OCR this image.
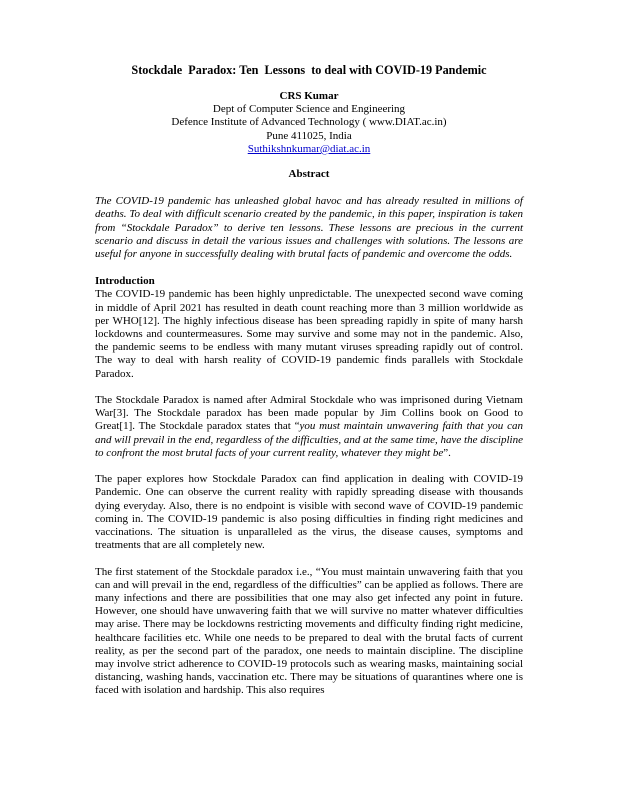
Stockdale  Paradox: Ten  Lessons  to deal with COVID-19 Pandemic
CRS Kumar
Dept of Computer Science and Engineering
Defence Institute of Advanced Technology ( www.DIAT.ac.in)
Pune 411025, India
Suthikshnkumar@diat.ac.in
Abstract

The COVID-19 pandemic has unleashed global havoc and has already resulted in millions of deaths. To deal with difficult scenario created by the pandemic, in this paper, inspiration is taken from “Stockdale Paradox” to derive ten lessons. These lessons are precious in the current scenario and discuss in detail the various issues and challenges with solutions. The lessons are useful for anyone in successfully dealing with brutal facts of pandemic and overcome the odds.

Introduction

The COVID-19 pandemic has been highly unpredictable. The unexpected second wave coming in middle of April 2021 has resulted in death count reaching more than 3 million worldwide as per WHO[12]. The highly infectious disease has been spreading rapidly in spite of many harsh lockdowns and countermeasures. Some may survive and some may not in the pandemic. Also, the pandemic seems to be endless with many mutant viruses spreading rapidly out of control. The way to deal with harsh reality of COVID-19 pandemic finds parallels with Stockdale Paradox.

The Stockdale Paradox is named after Admiral Stockdale who was imprisoned during Vietnam War[3]. The Stockdale paradox has been made popular by Jim Collins book on Good to Great[1]. The Stockdale paradox states that “you must maintain unwavering faith that you can and will prevail in the end, regardless of the difficulties, and at the same time, have the discipline to confront the most brutal facts of your current reality, whatever they might be”.

The paper explores how Stockdale Paradox can find application in dealing with COVID-19 Pandemic. One can observe the current reality with rapidly spreading disease with thousands dying everyday. Also, there is no endpoint is visible with second wave of COVID-19 pandemic coming in. The COVID-19 pandemic is also posing difficulties in finding right medicines and vaccinations. The situation is unparalleled as the virus, the disease causes, symptoms and treatments that are all completely new.

The first statement of the Stockdale paradox i.e., “You must maintain unwavering faith that you can and will prevail in the end, regardless of the difficulties” can be applied as follows. There are many infections and there are possibilities that one may also get infected any point in future. However, one should have unwavering faith that we will survive no matter whatever difficulties may arise. There may be lockdowns restricting movements and difficulty finding right medicine, healthcare facilities etc. While one needs to be prepared to deal with the brutal facts of current reality, as per the second part of the paradox, one needs to maintain discipline. The discipline may involve strict adherence to COVID-19 protocols such as wearing masks, maintaining social distancing, washing hands, vaccination etc. There may be situations of quarantines where one is faced with isolation and hardship. This also requires
